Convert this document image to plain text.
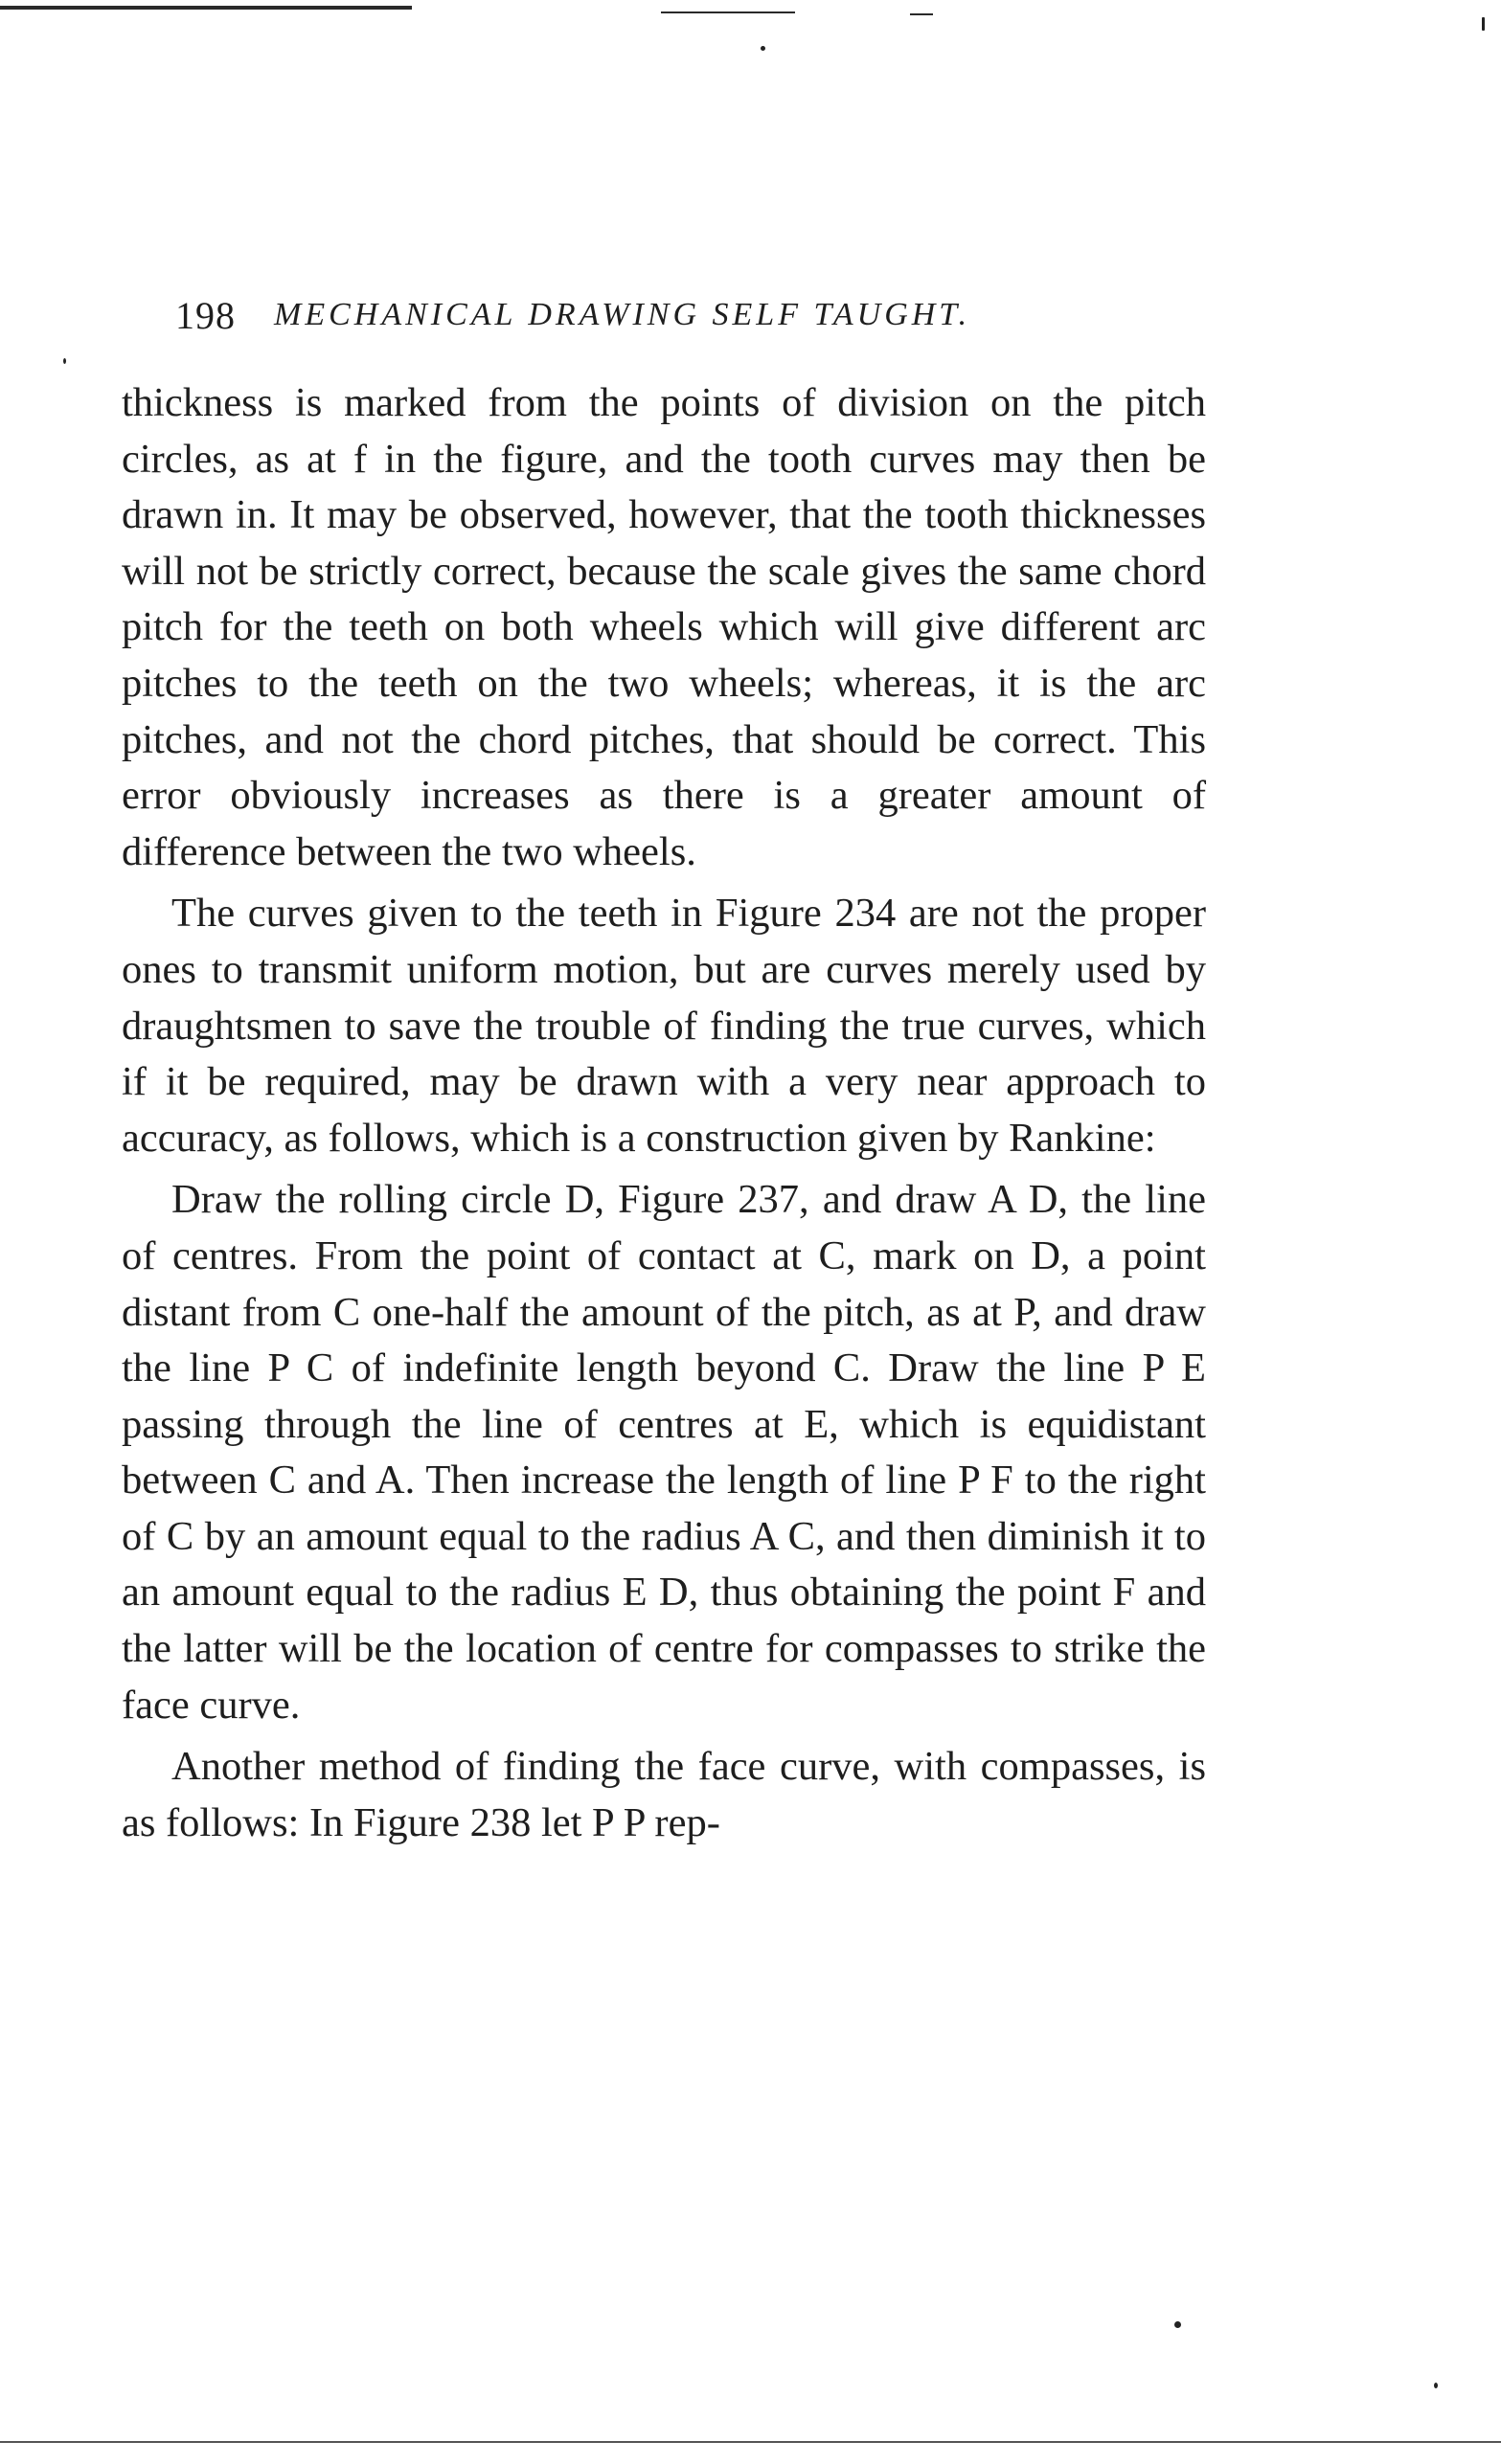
198 MECHANICAL DRAWING SELF TAUGHT.

thickness is marked from the points of division on the pitch circles, as at f in the figure, and the tooth curves may then be drawn in. It may be observed, however, that the tooth thicknesses will not be strictly correct, because the scale gives the same chord pitch for the teeth on both wheels which will give different arc pitches to the teeth on the two wheels; whereas, it is the arc pitches, and not the chord pitches, that should be correct. This error obviously increases as there is a greater amount of difference between the two wheels.

The curves given to the teeth in Figure 234 are not the proper ones to transmit uniform motion, but are curves merely used by draughtsmen to save the trouble of finding the true curves, which if it be required, may be drawn with a very near approach to accuracy, as follows, which is a construction given by Rankine:

Draw the rolling circle D, Figure 237, and draw A D, the line of centres. From the point of contact at C, mark on D, a point distant from C one-half the amount of the pitch, as at P, and draw the line P C of indefinite length beyond C. Draw the line P E passing through the line of centres at E, which is equidistant between C and A. Then increase the length of line P F to the right of C by an amount equal to the radius A C, and then diminish it to an amount equal to the radius E D, thus obtaining the point F and the latter will be the location of centre for compasses to strike the face curve.

Another method of finding the face curve, with compasses, is as follows: In Figure 238 let P P rep-
